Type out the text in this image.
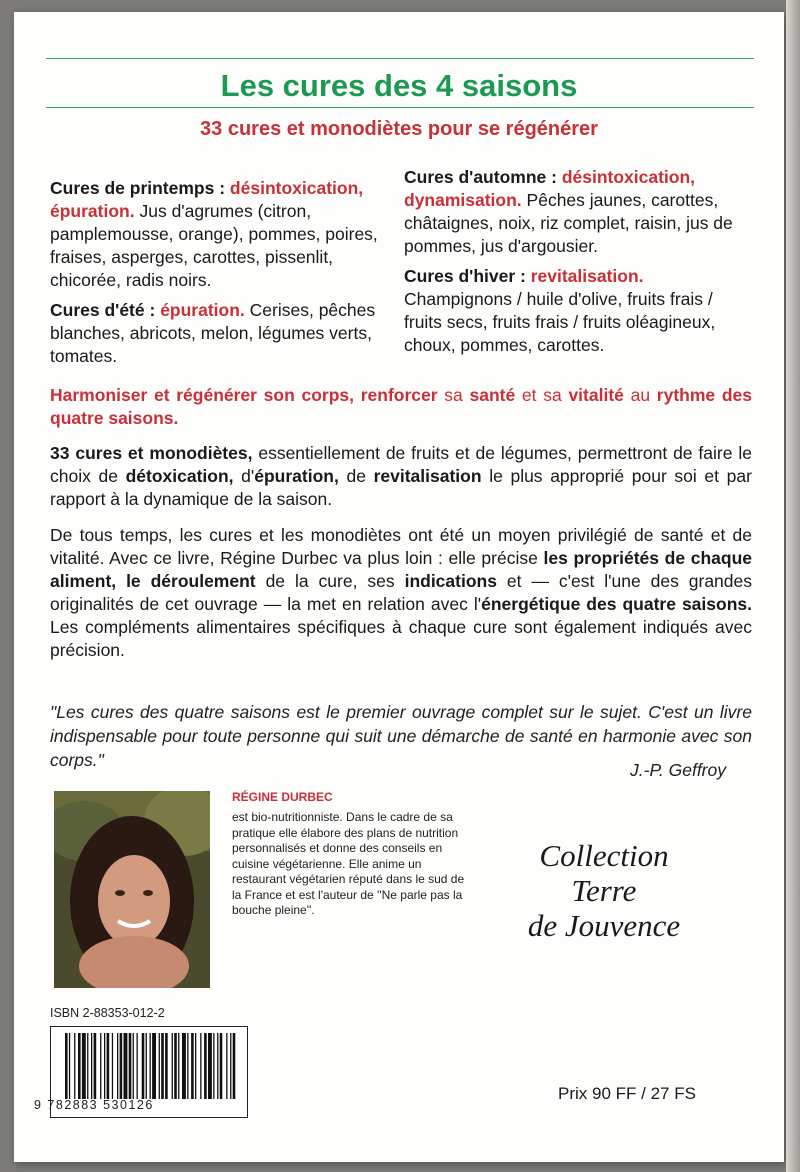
Les cures des 4 saisons
33 cures et monodiètes pour se régénérer

Cures de printemps : désintoxication, épuration. Jus d'agrumes (citron, pamplemousse, orange), pommes, poires, fraises, asperges, carottes, pissenlit, chicorée, radis noirs.

Cures d'été : épuration. Cerises, pêches blanches, abricots, melon, légumes verts, tomates.

Cures d'automne : désintoxication, dynamisation. Pêches jaunes, carottes, châtaignes, noix, riz complet, raisin, jus de pommes, jus d'argousier.

Cures d'hiver : revitalisation. Champignons / huile d'olive, fruits frais / fruits secs, fruits frais / fruits oléagineux, choux, pommes, carottes.

Harmoniser et régénérer son corps, renforcer sa santé et sa vitalité au rythme des quatre saisons.

33 cures et monodiètes, essentiellement de fruits et de légumes, permettront de faire le choix de détoxication, d'épuration, de revitalisation le plus approprié pour soi et par rapport à la dynamique de la saison.

De tous temps, les cures et les monodiètes ont été un moyen privilégié de santé et de vitalité. Avec ce livre, Régine Durbec va plus loin : elle précise les propriétés de chaque aliment, le déroulement de la cure, ses indications et — c'est l'une des grandes originalités de cet ouvrage — la met en relation avec l'énergétique des quatre saisons. Les compléments alimentaires spécifiques à chaque cure sont également indiqués avec précision.

"Les cures des quatre saisons est le premier ouvrage complet sur le sujet. C'est un livre indispensable pour toute personne qui suit une démarche de santé en harmonie avec son corps."	J.-P. Geffroy
RÉGINE DURBEC
est bio-nutritionniste. Dans le cadre de sa pratique elle élabore des plans de nutrition personnalisés et donne des conseils en cuisine végétarienne. Elle anime un restaurant végétarien réputé dans le sud de la France et est l'auteur de ''Ne parle pas la bouche pleine''.
Collection
Terre
de Jouvence
ISBN 2-88353-012-2
9 782883 530126
Prix 90 FF / 27 FS
